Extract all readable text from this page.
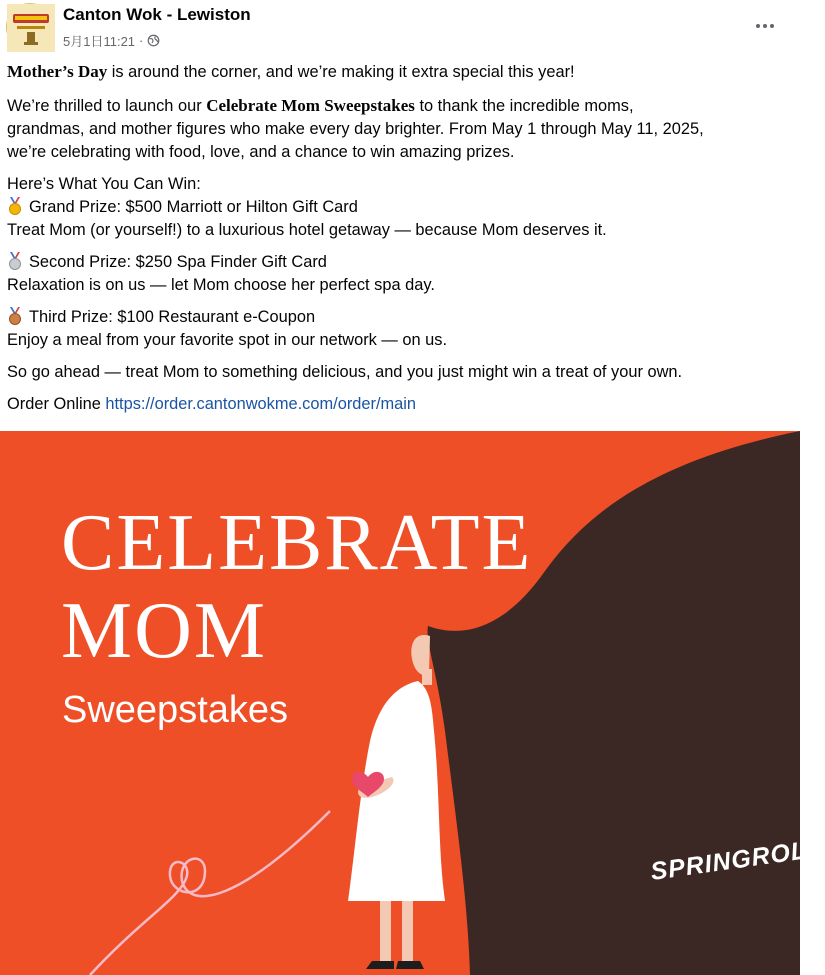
Canton Wok - Lewiston
5月1日11:21 ·

Mother’s Day is around the corner, and we’re making it extra special this year!

We’re thrilled to launch our Celebrate Mom Sweepstakes to thank the incredible moms,
grandmas, and mother figures who make every day brighter. From May 1 through May 11, 2025,
we’re celebrating with food, love, and a chance to win amazing prizes.

Here’s What You Can Win:

Grand Prize: $500 Marriott or Hilton Gift Card
Treat Mom (or yourself!) to a luxurious hotel getaway — because Mom deserves it.

Second Prize: $250 Spa Finder Gift Card
Relaxation is on us — let Mom choose her perfect spa day.

Third Prize: $100 Restaurant e-Coupon
Enjoy a meal from your favorite spot in our network — on us.

So go ahead — treat Mom to something delicious, and you just might win a treat of your own.

Order Online https://order.cantonwokme.com/order/main

CELEBRATE
MOM
Sweepstakes
SPRINGROLL
